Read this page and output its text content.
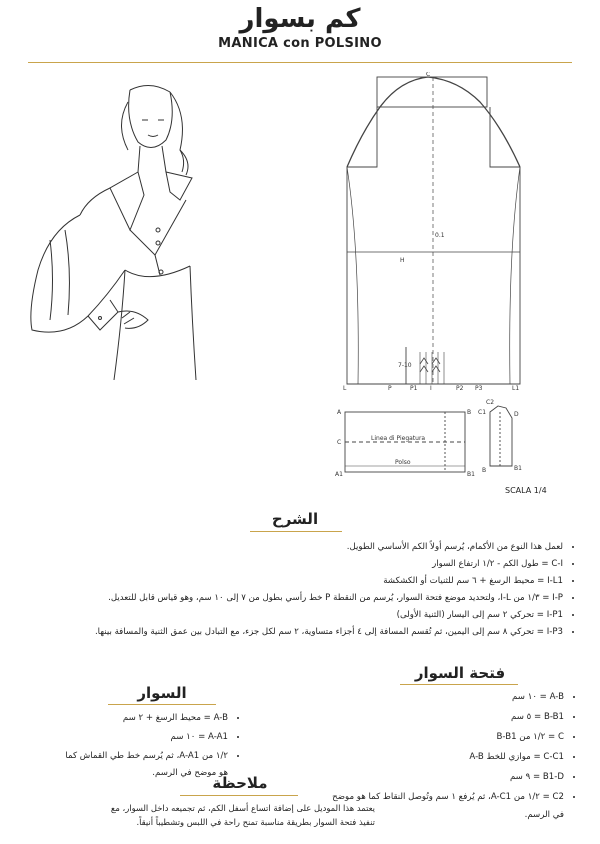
كم بسوار
MANICA con POLSINO
C
H
0.1
7-10
L	P	P1 I	P2 P3	L1
A	B
C
A1	B1
Linea di Piegatura
Polso
C2
C1	D
B	B1
SCALA 1/4
الشرح
• لعمل هذا النوع من الأكمام، يُرسم أولاً الكم الأساسي الطويل.
• C-I = طول الكم - ١/٢ ارتفاع السوار
• I-L1 = محيط الرسغ + ٦ سم للثنيات أو الكشكشة
• I-P = ١/٣ من I-L، ولتحديد موضع فتحة السوار، يُرسم من النقطة P خط رأسي بطول من ٧ إلى ١٠ سم، وهو قياس قابل للتعديل.
• I-P1 = تحركي ٢ سم إلى اليسار (الثنية الأولى)
• I-P3 = تحركي ٨ سم إلى اليمين، ثم تُقسم المسافة إلى ٤ أجزاء متساوية، ٢ سم لكل جزء، مع التبادل بين عمق الثنية والمسافة بينها.
فتحة السوار
• A-B = ١٠ سم
• B-B1 = ٥ سم
• C = ١/٢ من B-B1
• C-C1 = موازي للخط A-B
• B1-D = ٩ سم
• C2 = ١/٢ من A-C1، ثم يُرفع ١ سم وتُوصل النقاط كما هو موضح في الرسم.
السوار
• A-B = محيط الرسغ + ٢ سم
• A-A1 = ١٠ سم
• ١/٢ من A-A1، ثم يُرسم خط طي القماش كما هو موضح في الرسم.
ملاحظة
يعتمد هذا الموديل على إضافة اتساع أسفل الكم، ثم تجميعه داخل السوار، مع تنفيذ فتحة السوار بطريقة مناسبة تمنح راحة في اللبس وتشطيباً أنيقاً.
